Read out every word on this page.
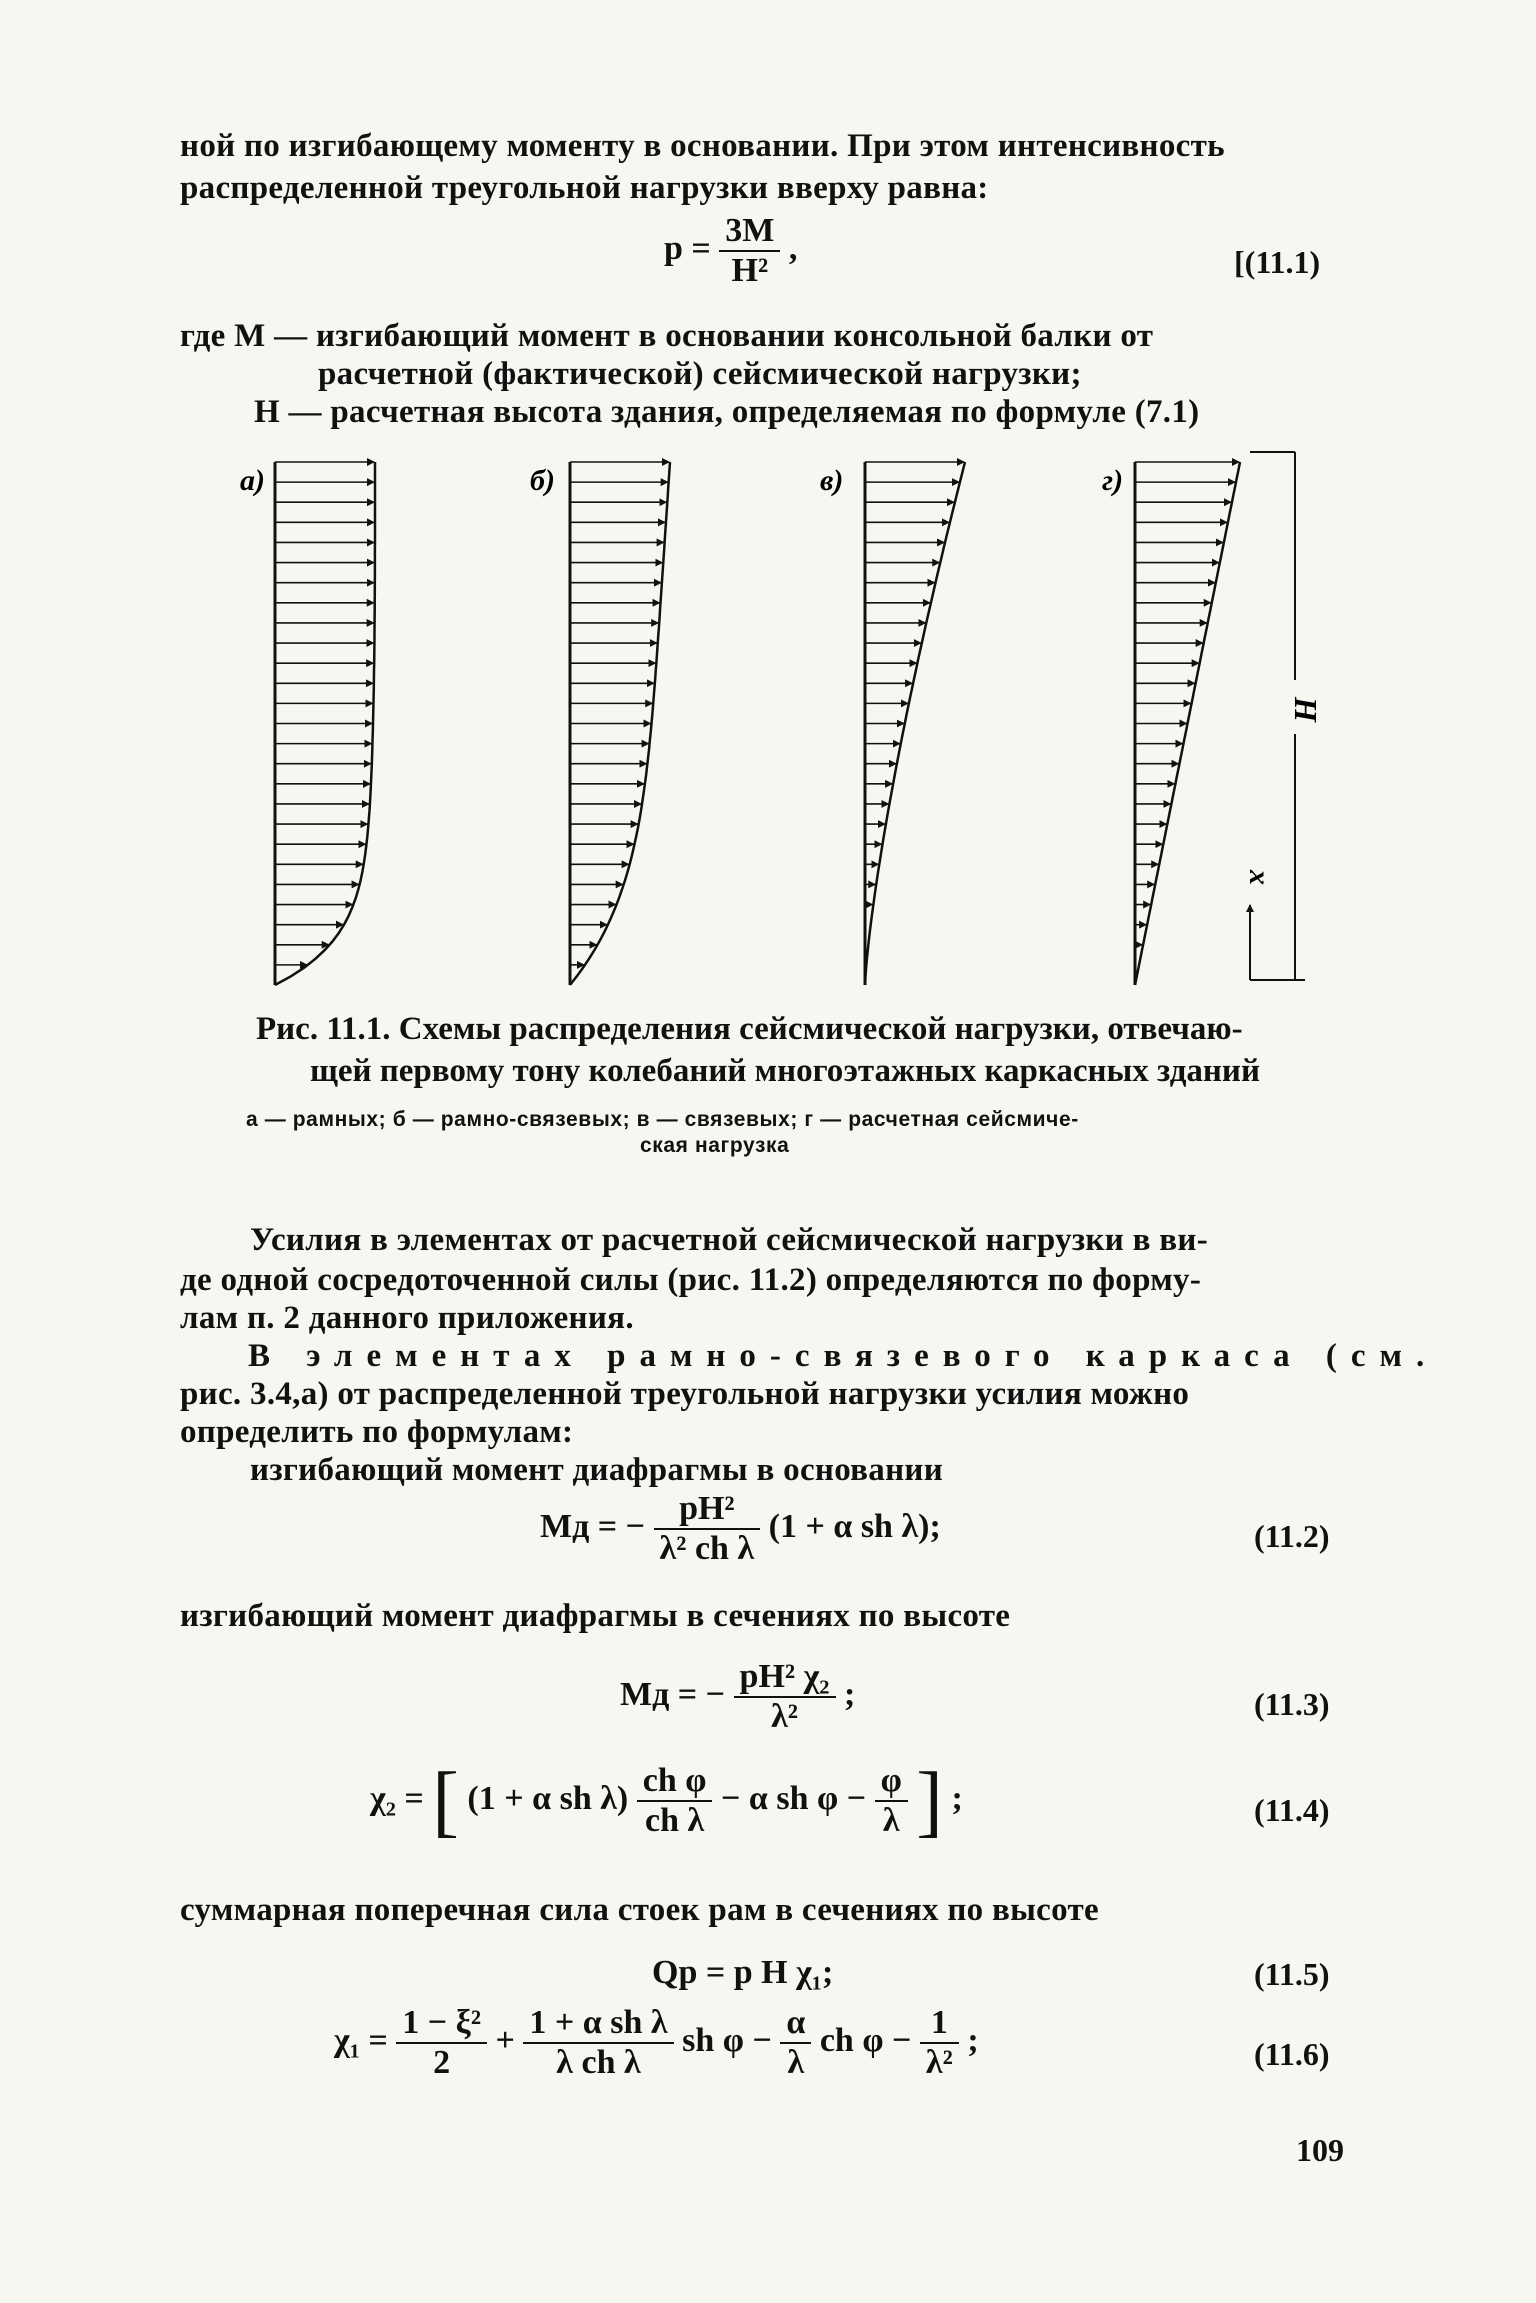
ной по изгибающему моменту в основании. При этом интенсивность
распределенной треугольной нагрузки вверху равна:
$p = \frac{3M}{\text{H²}}$ ,	[(11.1)
где M — изгибающий момент в основании консольной балки от
расчетной (фактической) сейсмической нагрузки;
H — расчетная высота здания, определяемая по формуле (7.1)
а)	б)	в)	г)
H
x
Рис. 11.1. Схемы распределения сейсмической нагрузки, отвечаю-
щей первому тону колебаний многоэтажных каркасных зданий
а — рамных; б — рамно-связевых; в — связевых; г — расчетная сейсмиче-
ская нагрузка
Усилия в элементах от расчетной сейсмической нагрузки в ви-
де одной сосредоточенной силы (рис. 11.2) определяются по форму-
лам п. 2 данного приложения.
В элементах рамно-связевого каркаса (см.
рис. 3.4,а) от распределенной треугольной нагрузки усилия можно
определить по формулам:
изгибающий момент диафрагмы в основании
Mд = − $\frac{\text{pH²}}{\text{λ² ch λ}} (1 + \alpha$ sh λ);	(11.2)
изгибающий момент диафрагмы в сечениях по высоте
Mд = − $\frac{\text{pH² χ₂}}{\text{λ²}}$ ;	(11.3)
χ₂ = [ (1 + α sh $\lambda) \frac{\text{ch φ}}{\text{ch λ}} - \alpha$ sh $\varphi - \frac{\varphi}{\lambda}$ ] ;	(11.4)
суммарная поперечная сила стоек рам в сечениях по высоте
Qр = p H χ₁;	(11.5)
$\chi_1 = \frac{\text{1 − ξ²}}{2} + \frac{\text{1 + α sh λ}}{\text{λ ch λ}}$ sh $\varphi - \frac{\alpha}{\lambda}$ ch $\varphi - \frac{1}{\text{λ²}}$ ;	(11.6)
109
